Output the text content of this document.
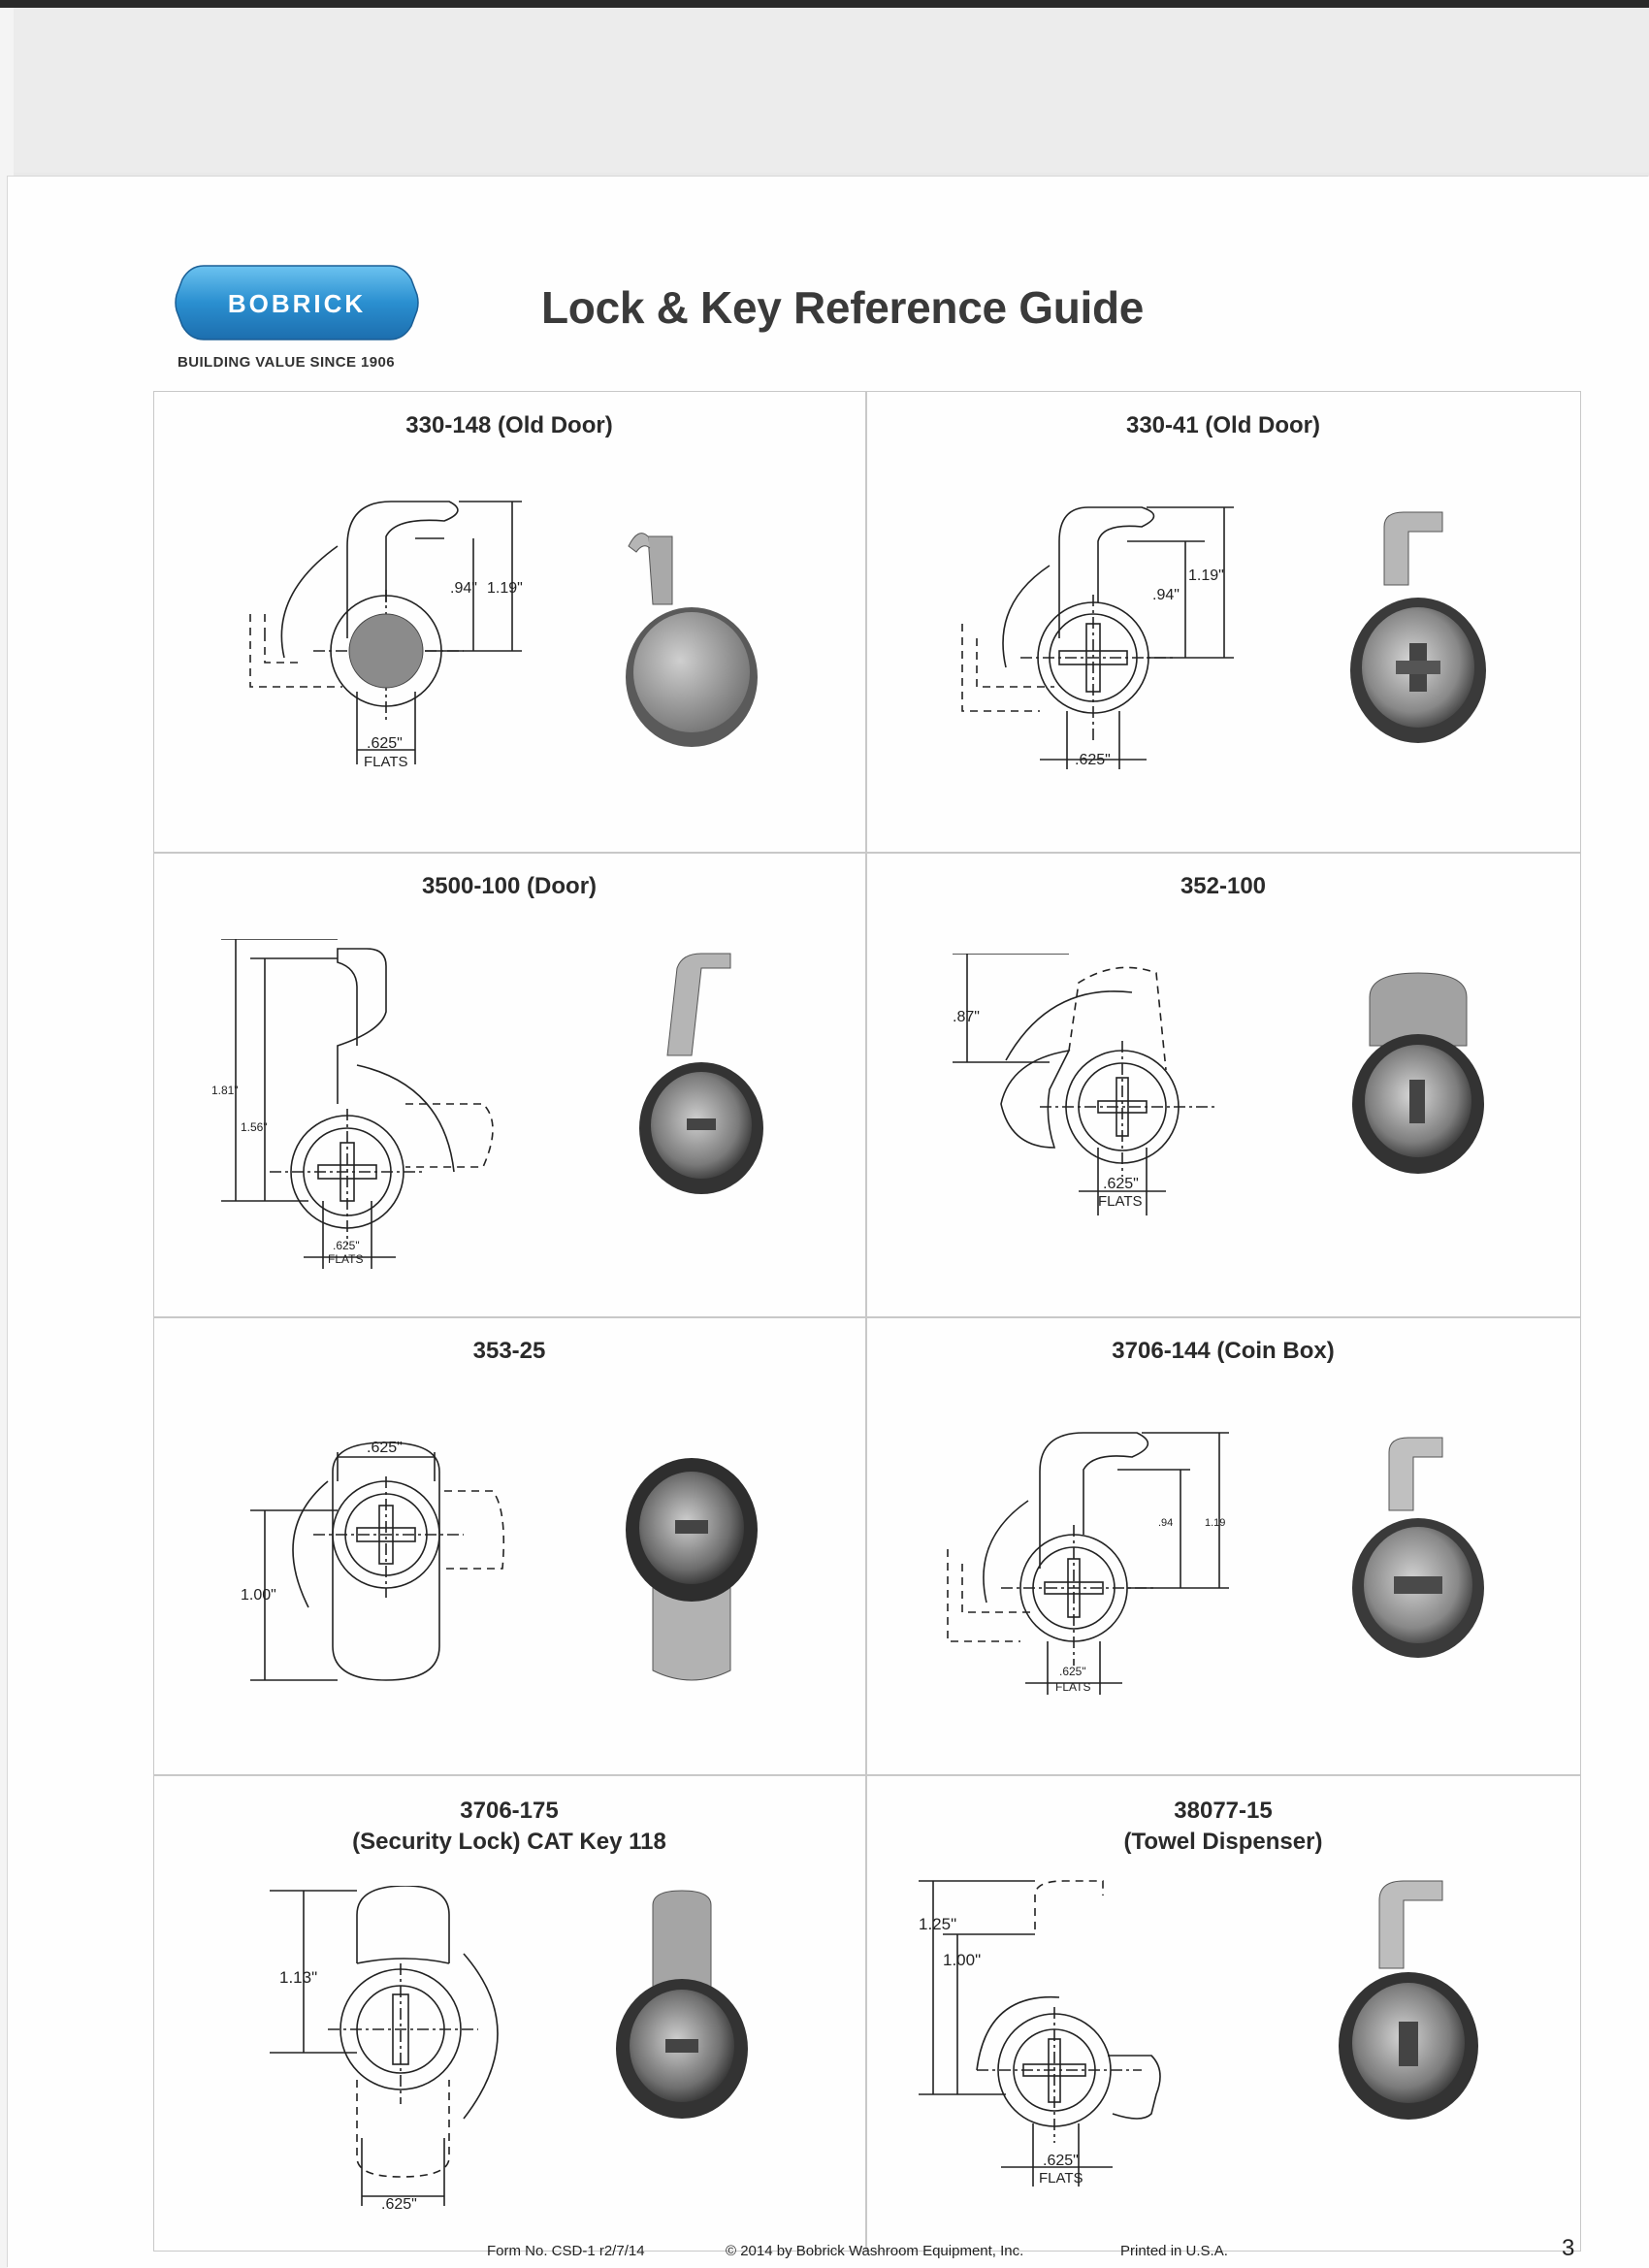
BOBRICK
BUILDING VALUE SINCE 1906
Lock & Key Reference Guide
330-148 (Old Door)
.94" 1.19"
.625"
FLATS
330-41 (Old Door)
1.19"
.94"
.625"
3500-100 (Door)
1.81"
1.56"
.625"
FLATS
352-100
.87"
.625"
FLATS
353-25
.625"
1.00"
3706-144 (Coin Box)
.94	1.19
.625"
FLATS
3706-175
(Security Lock) CAT Key 118
1.13"
.625"
38077-15
(Towel Dispenser)
1.25"
1.00"
.625"
FLATS
Form No. CSD-1 r2/7/14	© 2014 by Bobrick Washroom Equipment, Inc.	Printed in U.S.A.	3
